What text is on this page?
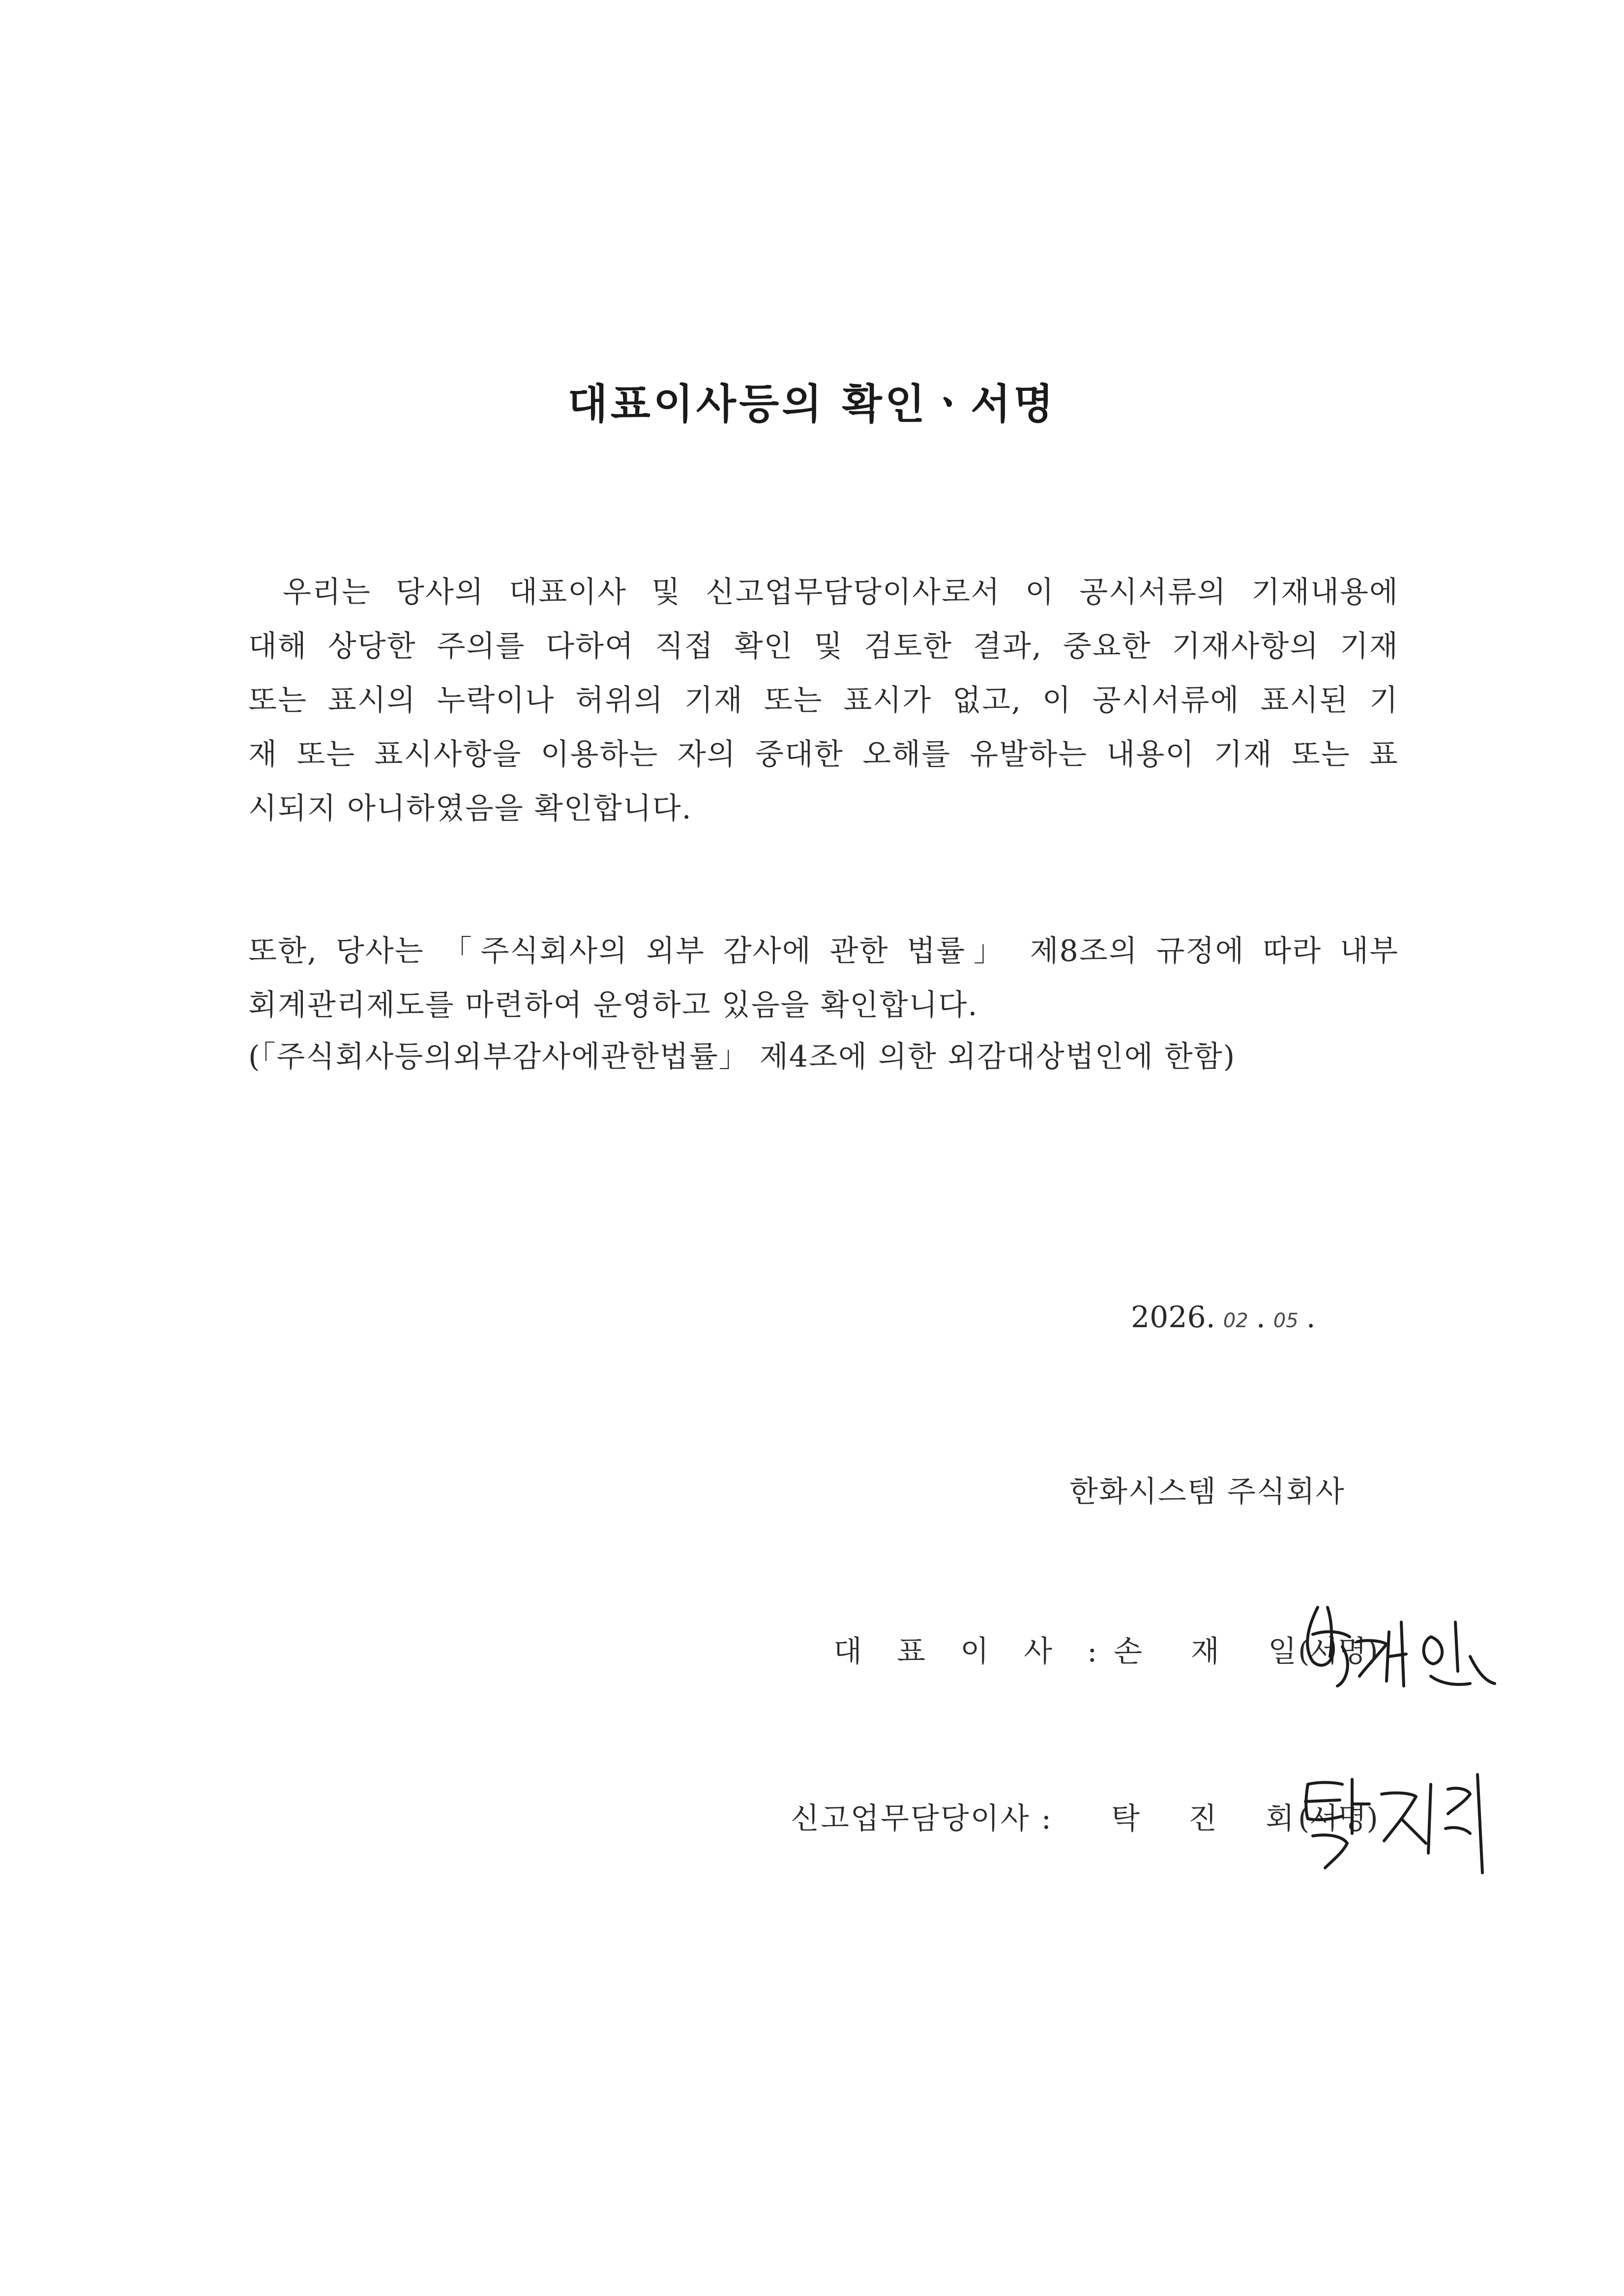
대표이사등의 확인ㆍ서명
우리는 당사의 대표이사 및 신고업무담당이사로서 이 공시서류의 기재내용에
대해 상당한 주의를 다하여 직접 확인 및 검토한 결과, 중요한 기재사항의 기재
또는 표시의 누락이나 허위의 기재 또는 표시가 없고, 이 공시서류에 표시된 기
재 또는 표시사항을 이용하는 자의 중대한 오해를 유발하는 내용이 기재 또는 표
시되지 아니하였음을 확인합니다.
또한, 당사는 「주식회사의 외부 감사에 관한 법률」 제8조의 규정에 따라 내부
회계관리제도를 마련하여 운영하고 있음을 확인합니다.
(「주식회사등의외부감사에관한법률」 제4조에 의한 외감대상법인에 한함)
2026. 02 . 05 .
한화시스템 주식회사
대 표 이 사 : 손 재 일
(서명)
신고업무담당이사 : 탁 진 회
(서명)
